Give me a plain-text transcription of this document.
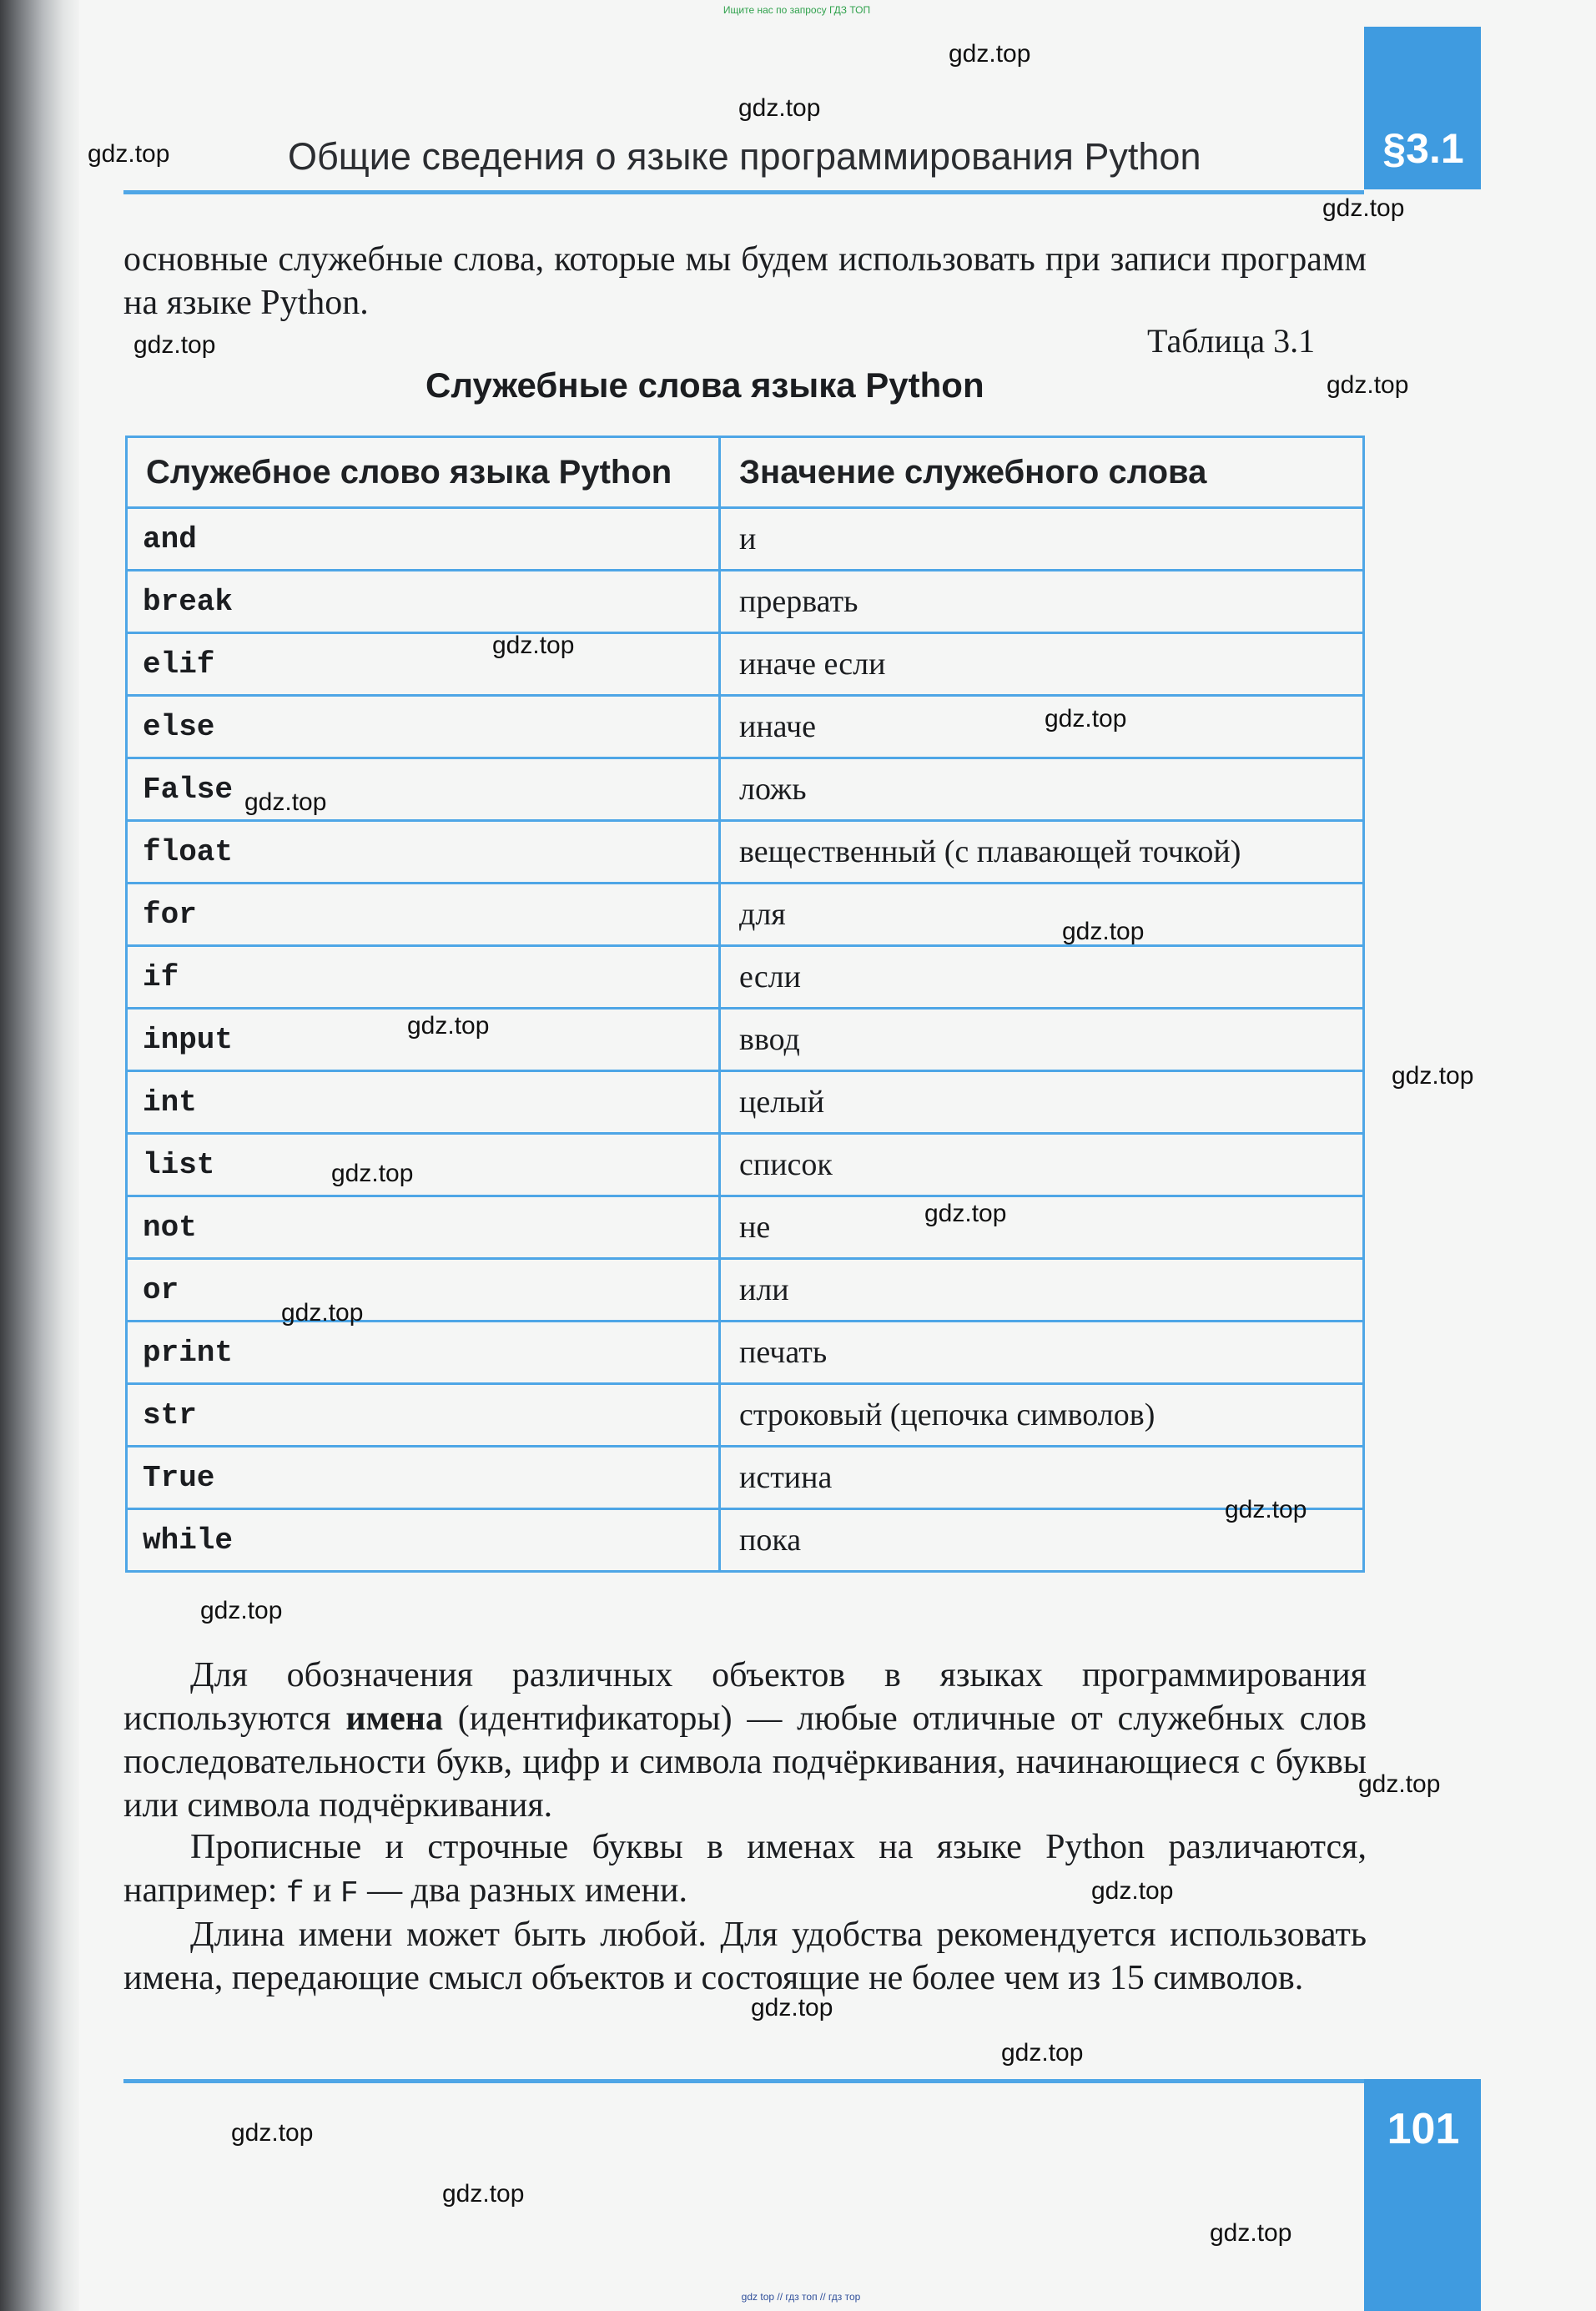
Ищите нас по запросу ГДЗ ТОП
§3.1
Общие сведения о языке программирования Python

основные служебные слова, которые мы будем использовать при записи программ на языке Python.

Таблица 3.1
Служебные слова языка Python
Служебное слово языка Python	Значение служебного слова
and	и
break	прервать
elif	иначе если
else	иначе
False	ложь
float	вещественный (с плавающей точкой)
for	для
if	если
input	ввод
int	целый
list	список
not	не
or	или
print	печать
str	строковый (цепочка символов)
True	истина
while	пока

Для обозначения различных объектов в языках программирования используются имена (идентификаторы) — любые отличные от служебных слов последовательности букв, цифр и символа подчёркивания, начинающиеся с буквы или символа подчёркивания.

Прописные и строчные буквы в именах на языке Python различаются, например: f и F — два разных имени.

Длина имени может быть любой. Для удобства рекомендуется использовать имена, передающие смысл объектов и состоящие не более чем из 15 символов.

101
gdz.top
gdz.top
gdz.top
gdz.top
gdz.top
gdz.top
gdz.top
gdz.top
gdz.top
gdz.top
gdz.top
gdz.top
gdz.top
gdz.top
gdz.top
gdz.top
gdz.top
gdz.top
gdz.top
gdz.top
gdz.top
gdz.top
gdz.top
gdz.top
gdz top // гдз топ // гдз тор
